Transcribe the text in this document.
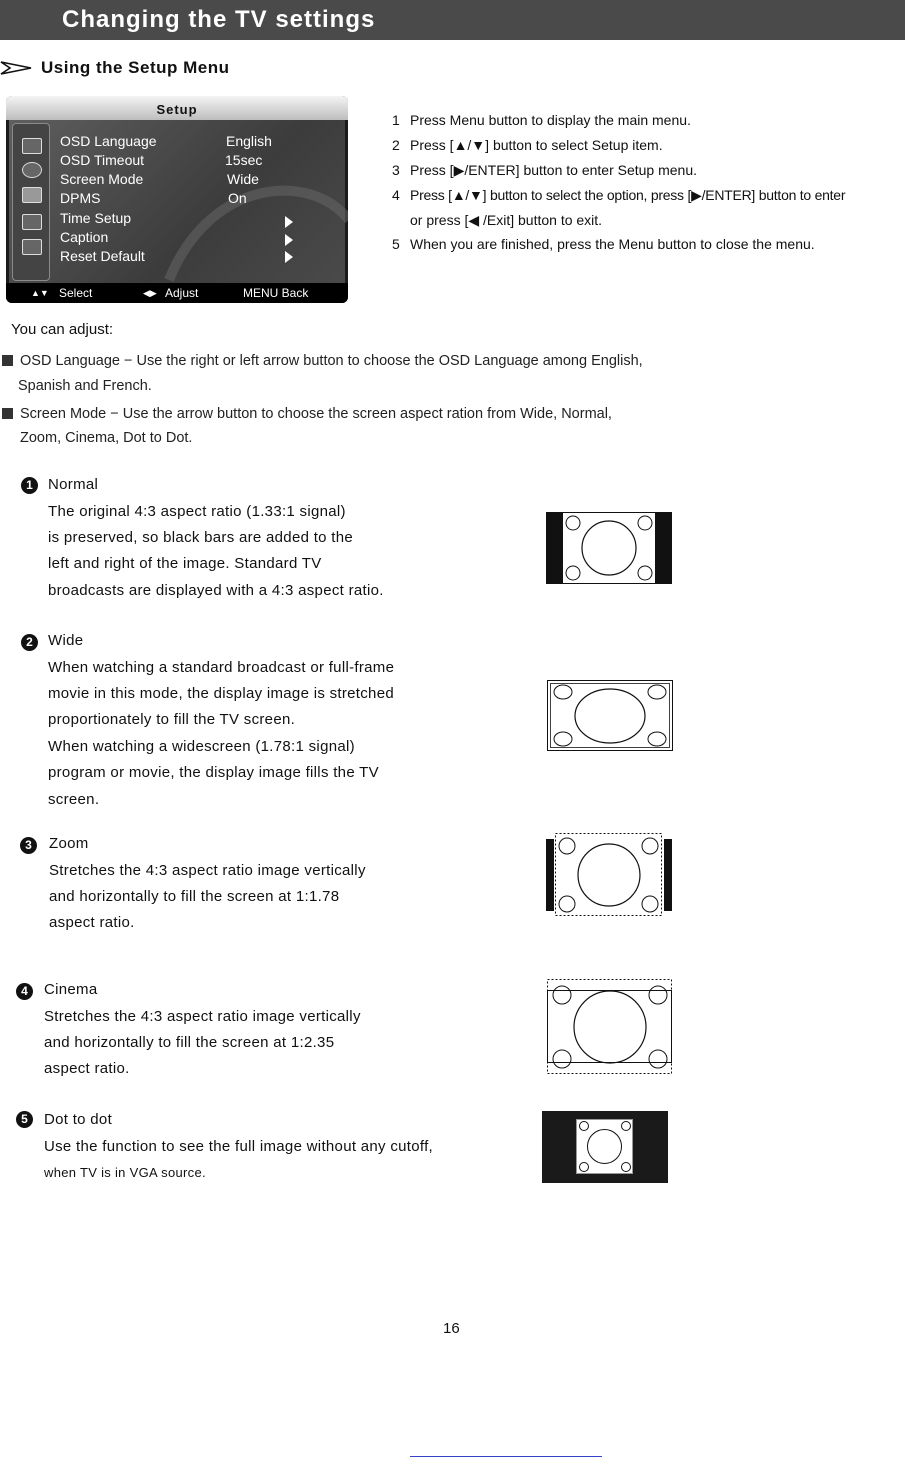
Changing the TV settings
Using the Setup Menu
Setup
OSD Language	English
OSD Timeout	15sec
Screen Mode	Wide
DPMS	On
Time Setup
Caption
Reset Default
▲▼ Select	◀▶ Adjust	MENU Back
1 Press Menu button to display the main menu.
2 Press [▲/▼] button to select Setup item.
3 Press [▶/ENTER] button to enter Setup menu.
4 Press [▲/▼] button to select the option, press [▶/ENTER] button to enter
or press [◀ /Exit] button to exit.
5 When you are finished, press the Menu button to close the menu.
You can adjust:
OSD Language − Use the right or left arrow button to choose the OSD Language among English,
Spanish and French.
Screen Mode − Use the arrow button to choose the screen aspect ration from Wide, Normal,
Zoom, Cinema, Dot to Dot.
1	Normal
The original 4:3 aspect ratio (1.33:1 signal)
is preserved, so black bars are added to the
left and right of the image. Standard TV
broadcasts are displayed with a 4:3 aspect ratio.
2	Wide
When watching a standard broadcast or full-frame
movie in this mode, the display image is stretched
proportionately to fill the TV screen.
When watching a widescreen (1.78:1 signal)
program or movie, the display image fills the TV
screen.
3	Zoom
Stretches the 4:3 aspect ratio image vertically
and horizontally to fill the screen at 1:1.78
aspect ratio.
4	Cinema
Stretches the 4:3 aspect ratio image vertically
and horizontally to fill the screen at 1:2.35
aspect ratio.
5	Dot to dot
Use the function to see the full image without any cutoff,
when TV is in VGA source.
16
